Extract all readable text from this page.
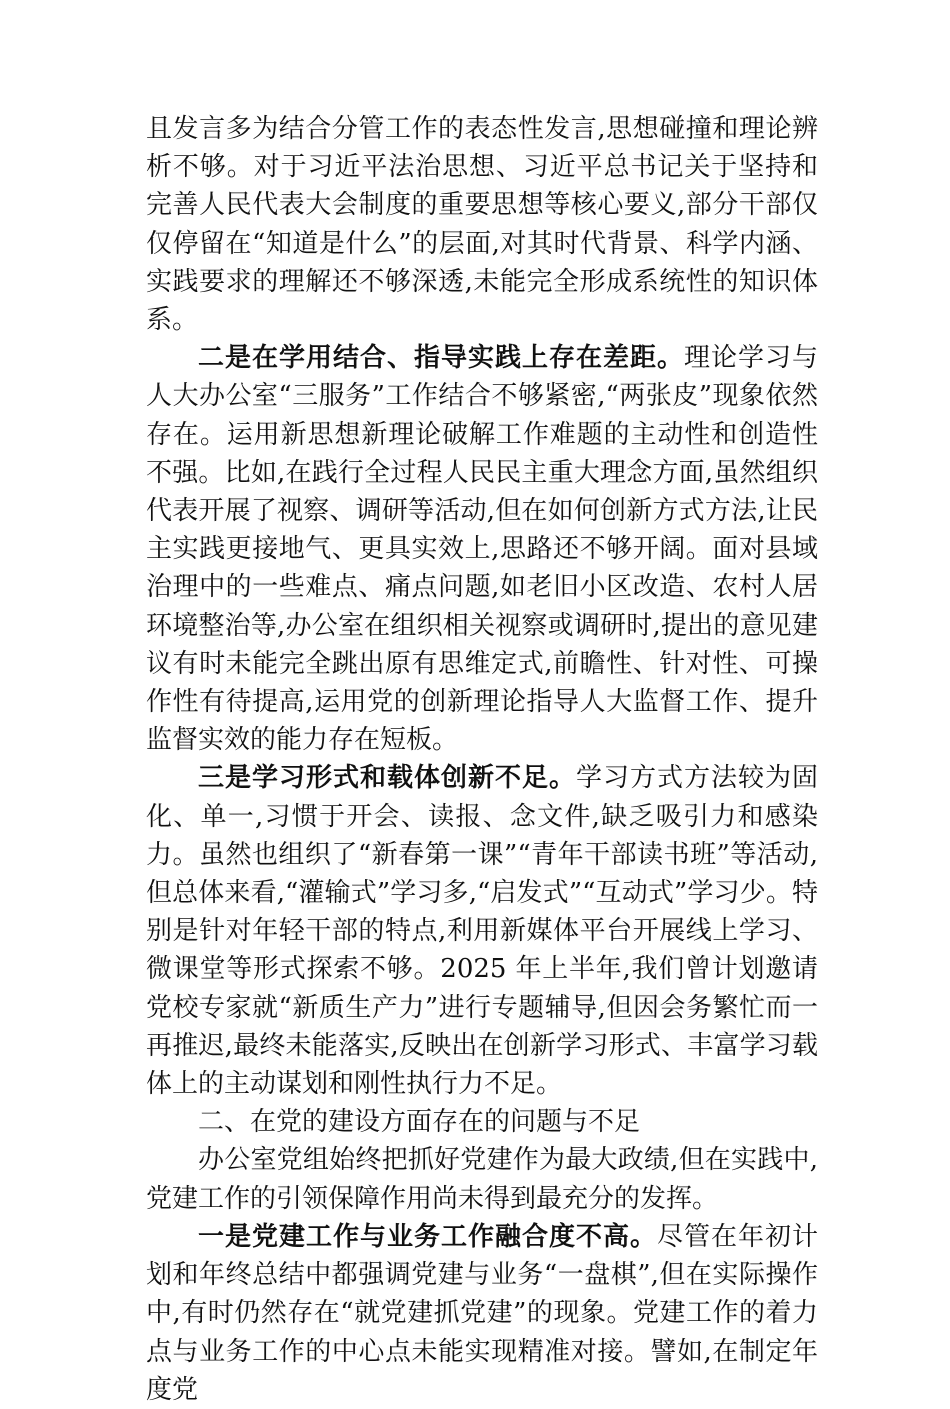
且发言多为结合分管工作的表态性发言,思想碰撞和理论辨析不够。对于习近平法治思想、习近平总书记关于坚持和完善人民代表大会制度的重要思想等核心要义,部分干部仅仅停留在“知道是什么”的层面,对其时代背景、科学内涵、实践要求的理解还不够深透,未能完全形成系统性的知识体系。

二是在学用结合、指导实践上存在差距。理论学习与人大办公室“三服务”工作结合不够紧密,“两张皮”现象依然存在。运用新思想新理论破解工作难题的主动性和创造性不强。比如,在践行全过程人民民主重大理念方面,虽然组织代表开展了视察、调研等活动,但在如何创新方式方法,让民主实践更接地气、更具实效上,思路还不够开阔。面对县域治理中的一些难点、痛点问题,如老旧小区改造、农村人居环境整治等,办公室在组织相关视察或调研时,提出的意见建议有时未能完全跳出原有思维定式,前瞻性、针对性、可操作性有待提高,运用党的创新理论指导人大监督工作、提升监督实效的能力存在短板。

三是学习形式和载体创新不足。学习方式方法较为固化、单一,习惯于开会、读报、念文件,缺乏吸引力和感染力。虽然也组织了“新春第一课”“青年干部读书班”等活动,但总体来看,“灌输式”学习多,“启发式”“互动式”学习少。特别是针对年轻干部的特点,利用新媒体平台开展线上学习、微课堂等形式探索不够。2025 年上半年,我们曾计划邀请党校专家就“新质生产力”进行专题辅导,但因会务繁忙而一再推迟,最终未能落实,反映出在创新学习形式、丰富学习载体上的主动谋划和刚性执行力不足。

二、在党的建设方面存在的问题与不足

办公室党组始终把抓好党建作为最大政绩,但在实践中,党建工作的引领保障作用尚未得到最充分的发挥。

一是党建工作与业务工作融合度不高。尽管在年初计划和年终总结中都强调党建与业务“一盘棋”,但在实际操作中,有时仍然存在“就党建抓党建”的现象。党建工作的着力点与业务工作的中心点未能实现精准对接。譬如,在制定年度党
